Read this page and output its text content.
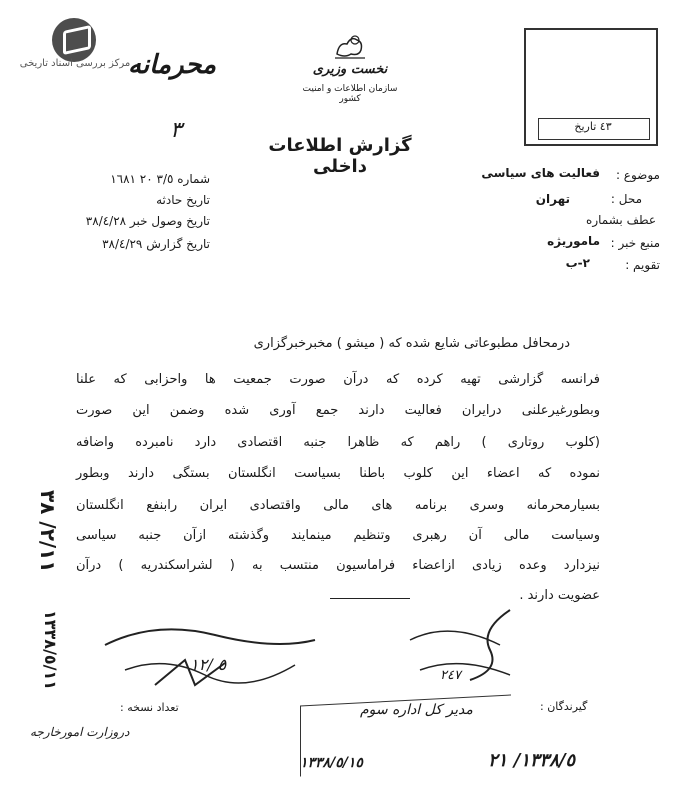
مرکز بررسی اسناد تاریخی
محرمانه	نخست وزیری
سازمان اطلاعات و امنیت کشور
گزارش اطلاعات داخلی
٣	٤٣ تاریخ
شماره ٣/٥ ٢٠ ١٦٨١
تاریخ حادثه
تاریخ وصول خبر ٣٨/٤/٢٨
تاریخ گزارش ٣٨/٤/٢٩
موضوع :
فعالیت های سیاسی
محل :
تهران
عطف بشماره
منبع خبر :
ماموریژه
تقویم :
٢-ب
درمحافل مطبوعاتی شایع شده که ( میشو ) مخبرخبرگزاری
فرانسه گزارشی تهیه کرده که درآن صورت جمعیت ها واحزابی که علنا
وبطورغیرعلنی درایران فعالیت دارند جمع آوری شده وضمن این صورت
(کلوب روتاری ) راهم که ظاهرا جنبه اقتصادی دارد نامبرده واضافه
نموده که اعضاء این کلوب باطنا بسیاست انگلستان بستگی دارند وبطور
بسیارمحرمانه وسری برنامه های مالی واقتصادی ایران رابنفع انگلستان
وسیاست مالی آن رهبری وتنظیم مینمایند وگذشته ازآن جنبه سیاسی
نیزدارد وعده زیادی ازاعضاء فراماسیون منتسب به ( لشراسکندریه ) درآن
عضویت دارند .
٢/١١/ ٣٨
١٣٣٨/٥/١١	٥ /١٢
٢٤٧
تعداد نسخه :	گیرندگان :
مدیر کل اداره سوم
دروزارت امورخارجه
١٣٣٨/٥/١٥	١٣٣٨/٥/ ٢١
